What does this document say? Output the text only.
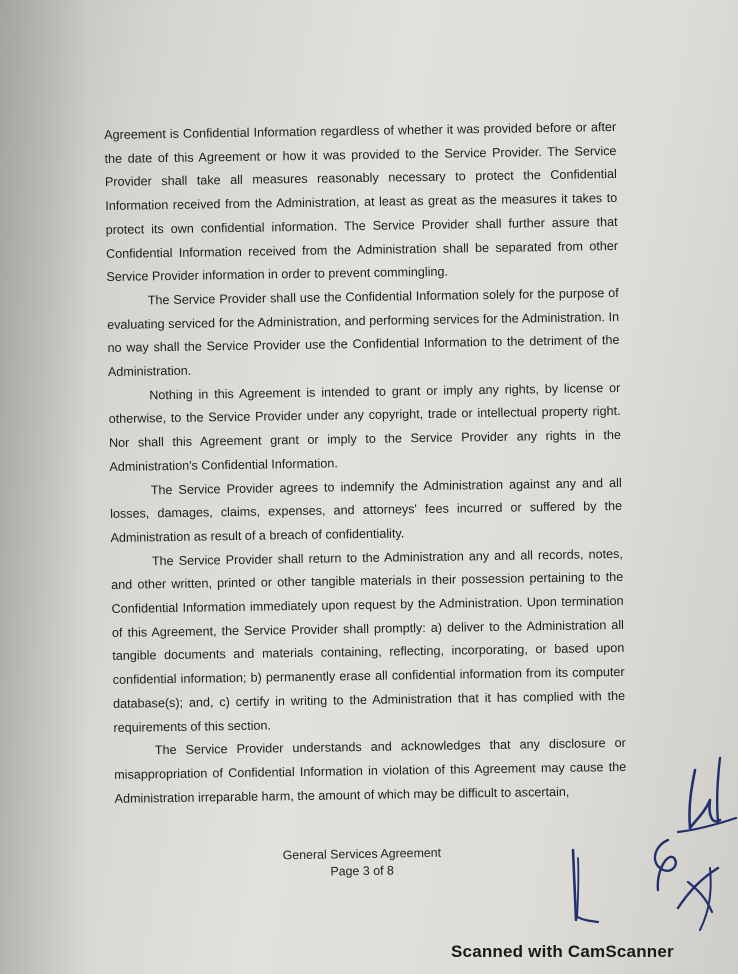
Agreement is Confidential Information regardless of whether it was provided before or after the date of this Agreement or how it was provided to the Service Provider. The Service Provider shall take all measures reasonably necessary to protect the Confidential Information received from the Administration, at least as great as the measures it takes to protect its own confidential information. The Service Provider shall further assure that Confidential Information received from the Administration shall be separated from other Service Provider information in order to prevent commingling.

The Service Provider shall use the Confidential Information solely for the purpose of evaluating serviced for the Administration, and performing services for the Administration. In no way shall the Service Provider use the Confidential Information to the detriment of the Administration.

Nothing in this Agreement is intended to grant or imply any rights, by license or otherwise, to the Service Provider under any copyright, trade or intellectual property right. Nor shall this Agreement grant or imply to the Service Provider any rights in the Administration's Confidential Information.

The Service Provider agrees to indemnify the Administration against any and all losses, damages, claims, expenses, and attorneys' fees incurred or suffered by the Administration as result of a breach of confidentiality.

The Service Provider shall return to the Administration any and all records, notes, and other written, printed or other tangible materials in their possession pertaining to the Confidential Information immediately upon request by the Administration. Upon termination of this Agreement, the Service Provider shall promptly: a) deliver to the Administration all tangible documents and materials containing, reflecting, incorporating, or based upon confidential information; b) permanently erase all confidential information from its computer database(s); and, c) certify in writing to the Administration that it has complied with the requirements of this section.

The Service Provider understands and acknowledges that any disclosure or misappropriation of Confidential Information in violation of this Agreement may cause the Administration irreparable harm, the amount of which may be difficult to ascertain,

General Services Agreement
Page 3 of 8
Scanned with CamScanner
